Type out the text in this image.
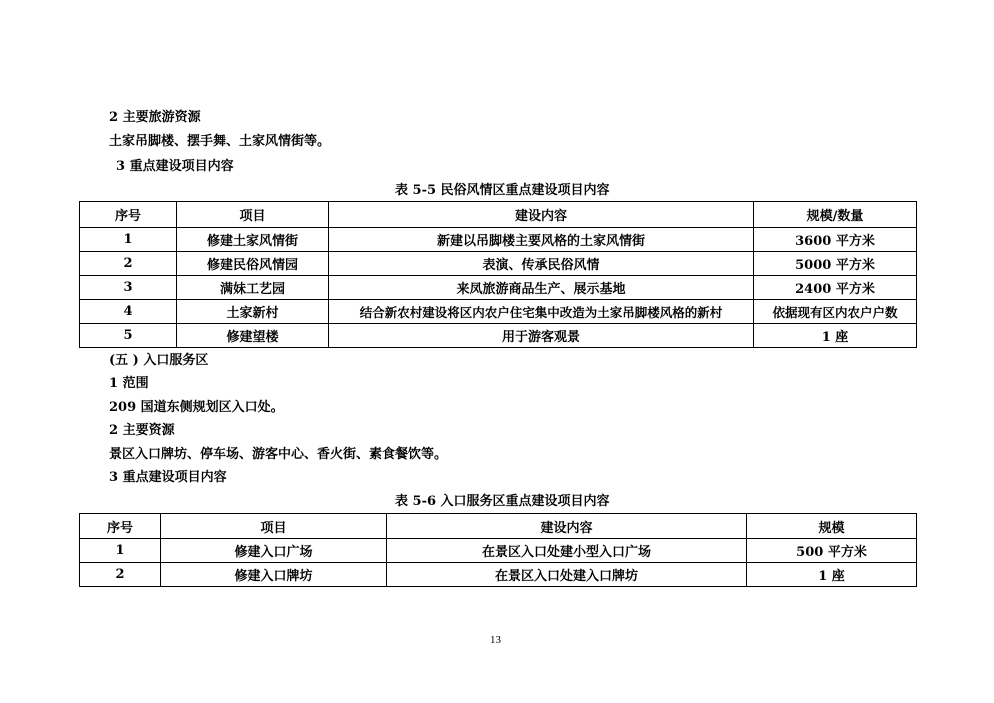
2 主要旅游资源
土家吊脚楼、摆手舞、土家风情街等。
3 重点建设项目内容
表 5-5 民俗风情区重点建设项目内容
序号	项目	建设内容	规模/数量
1	修建土家风情街	新建以吊脚楼主要风格的土家风情街	3600 平方米
2	修建民俗风情园	表演、传承民俗风情	5000 平方米
3	满妹工艺园	来凤旅游商品生产、展示基地	2400 平方米
4	土家新村	结合新农村建设将区内农户住宅集中改造为土家吊脚楼风格的新村	依据现有区内农户户数
5	修建望楼	用于游客观景	1 座
(五 ) 入口服务区
1 范围
209 国道东侧规划区入口处。
2 主要资源
景区入口牌坊、停车场、游客中心、香火街、素食餐饮等。
3 重点建设项目内容
表 5-6 入口服务区重点建设项目内容
序号	项目	建设内容	规模
1	修建入口广场	在景区入口处建小型入口广场	500 平方米
2	修建入口牌坊	在景区入口处建入口牌坊	1 座
13
